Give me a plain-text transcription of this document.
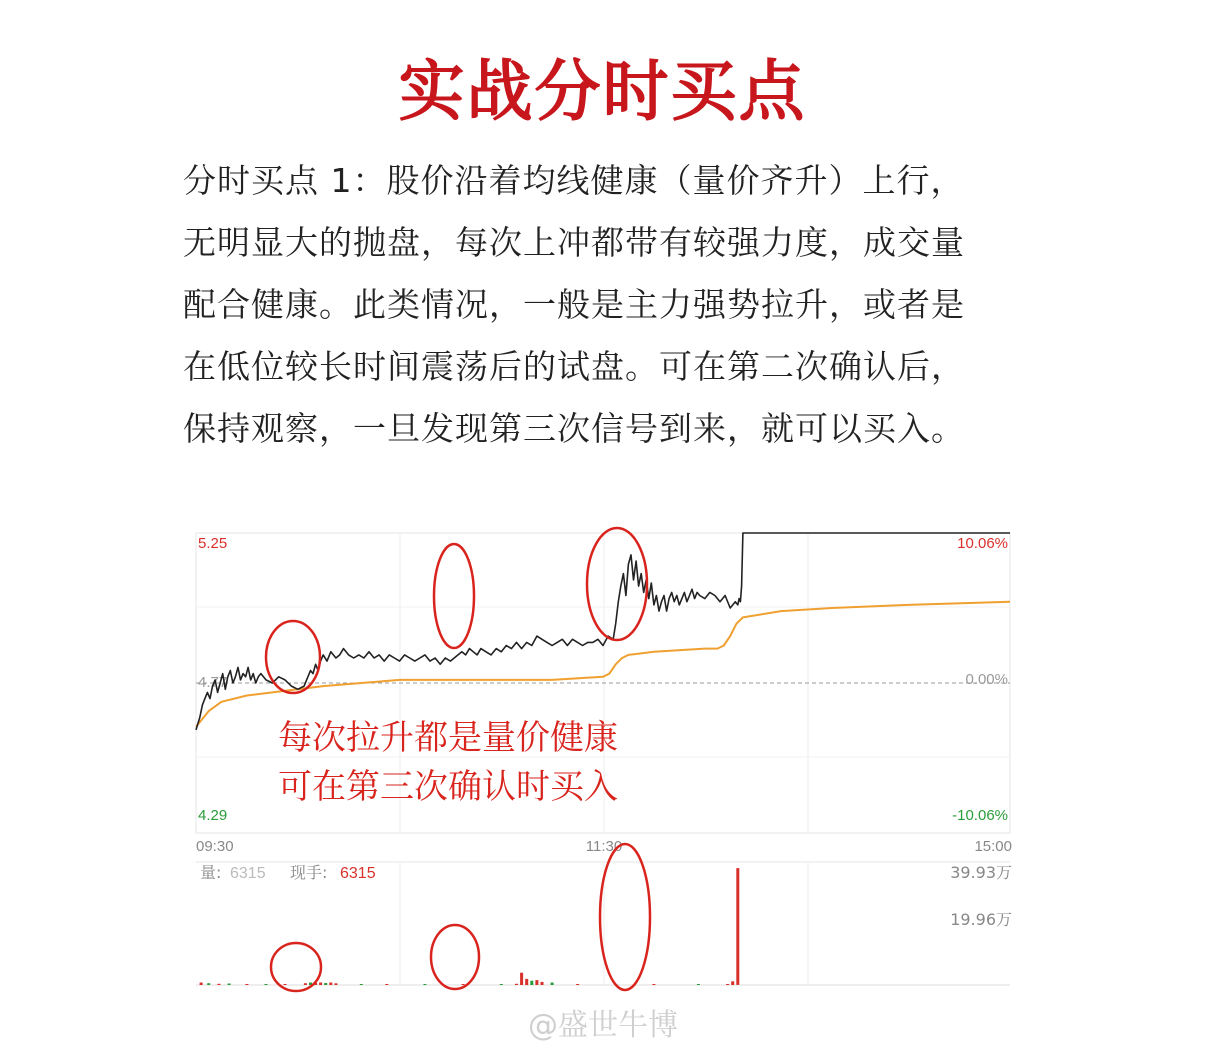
实战分时买点
分时买点 1：股价沿着均线健康（量价齐升）上行，
无明显大的抛盘，每次上冲都带有较强力度，成交量
配合健康。此类情况，一般是主力强势拉升，或者是
在低位较长时间震荡后的试盘。可在第二次确认后，
保持观察，一旦发现第三次信号到来，就可以买入。
5.25
4.77
4.29
10.06%
0.00%
-10.06%
09:30	11:30	15:00
量: 6315 现手: 6315	39.93万
19.96万
每次拉升都是量价健康
可在第三次确认时买入
@盛世牛博
